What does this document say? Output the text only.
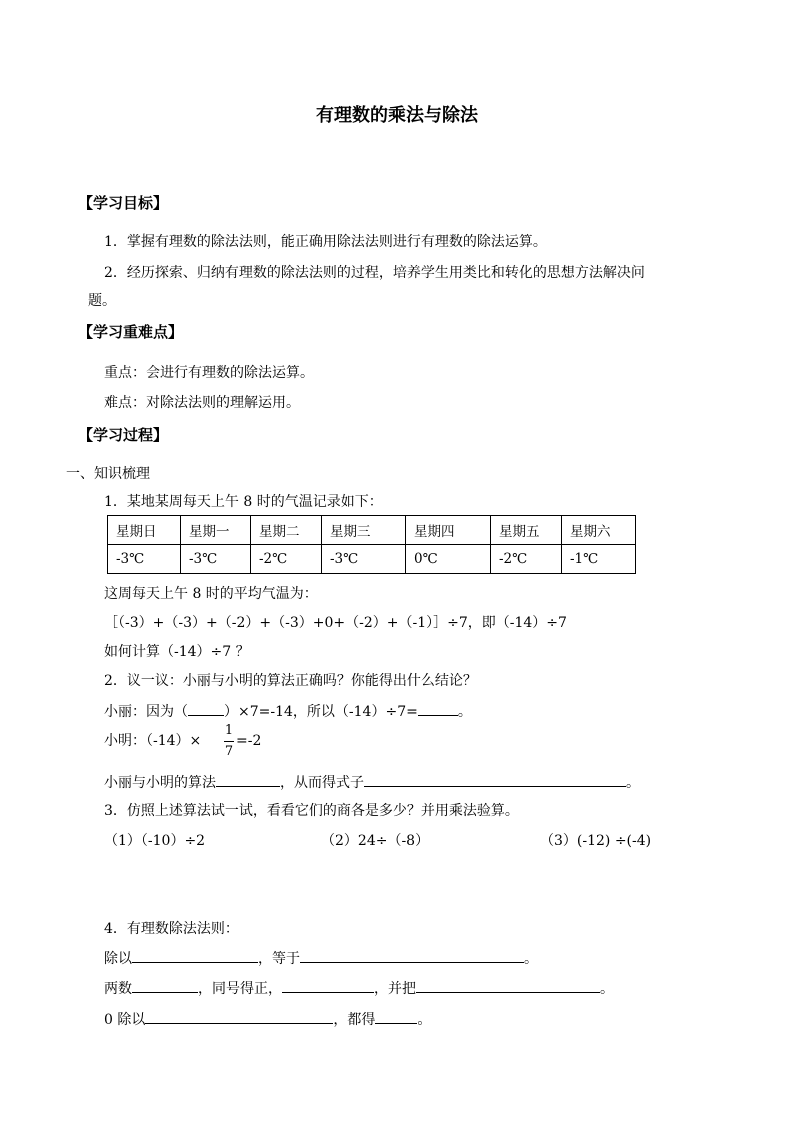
有理数的乘法与除法
【学习目标】
1．掌握有理数的除法法则，能正确用除法法则进行有理数的除法运算。
2．经历探索、归纳有理数的除法法则的过程，培养学生用类比和转化的思想方法解决问
题。
【学习重难点】
重点：会进行有理数的除法运算。
难点：对除法法则的理解运用。
【学习过程】
一、知识梳理
1．某地某周每天上午 8 时的气温记录如下：
星期日	星期一	星期二	星期三	星期四	星期五	星期六
-3℃	-3℃	-2℃	-3℃	0℃	-2℃	-1℃
这周每天上午 8 时的平均气温为：
［（-3）+（-3）+（-2）+（-3）+0+（-2）+（-1）］÷7，即（-14）÷7
如何计算（-14）÷7 ？
2．议一议：小丽与小明的算法正确吗？你能得出什么结论？
小丽：因为（	）×7=-14，所以（-14）÷7=	。
小明：（-14）×
1
7
=-2
小丽与小明的算法	，从而得式子	。
3．仿照上述算法试一试，看看它们的商各是多少？并用乘法验算。
（1）（-10）÷2	（2）24÷（-8）	（3）(-12) ÷(-4)
4．有理数除法法则：
除以	，等于	。
两数	，同号得正，	，并把	。
0 除以	，都得	。
